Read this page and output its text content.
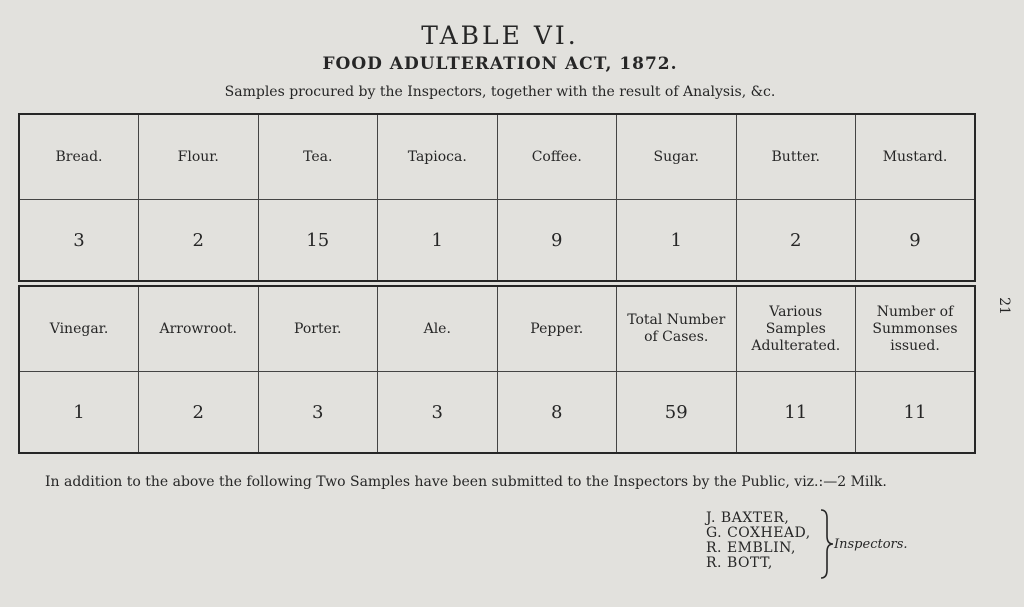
TABLE VI.
FOOD ADULTERATION ACT, 1872.
Samples procured by the Inspectors, together with the result of Analysis, &c.
Bread.	Flour.	Tea.	Tapioca.	Coffee.	Sugar.	Butter.	Mustard.
3	2	15	1	9	1	2	9
Vinegar.	Arrowroot.	Porter.	Ale.	Pepper.	Total Number of Cases.	Various Samples Adulterated.	Number of Summonses issued.
1	2	3	3	8	59	11	11
21
In addition to the above the following Two Samples have been submitted to the Inspectors by the Public, viz.:—2 Milk.
J. BAXTER,
G. COXHEAD,
R. EMBLIN,
R. BOTT,
Inspectors.
